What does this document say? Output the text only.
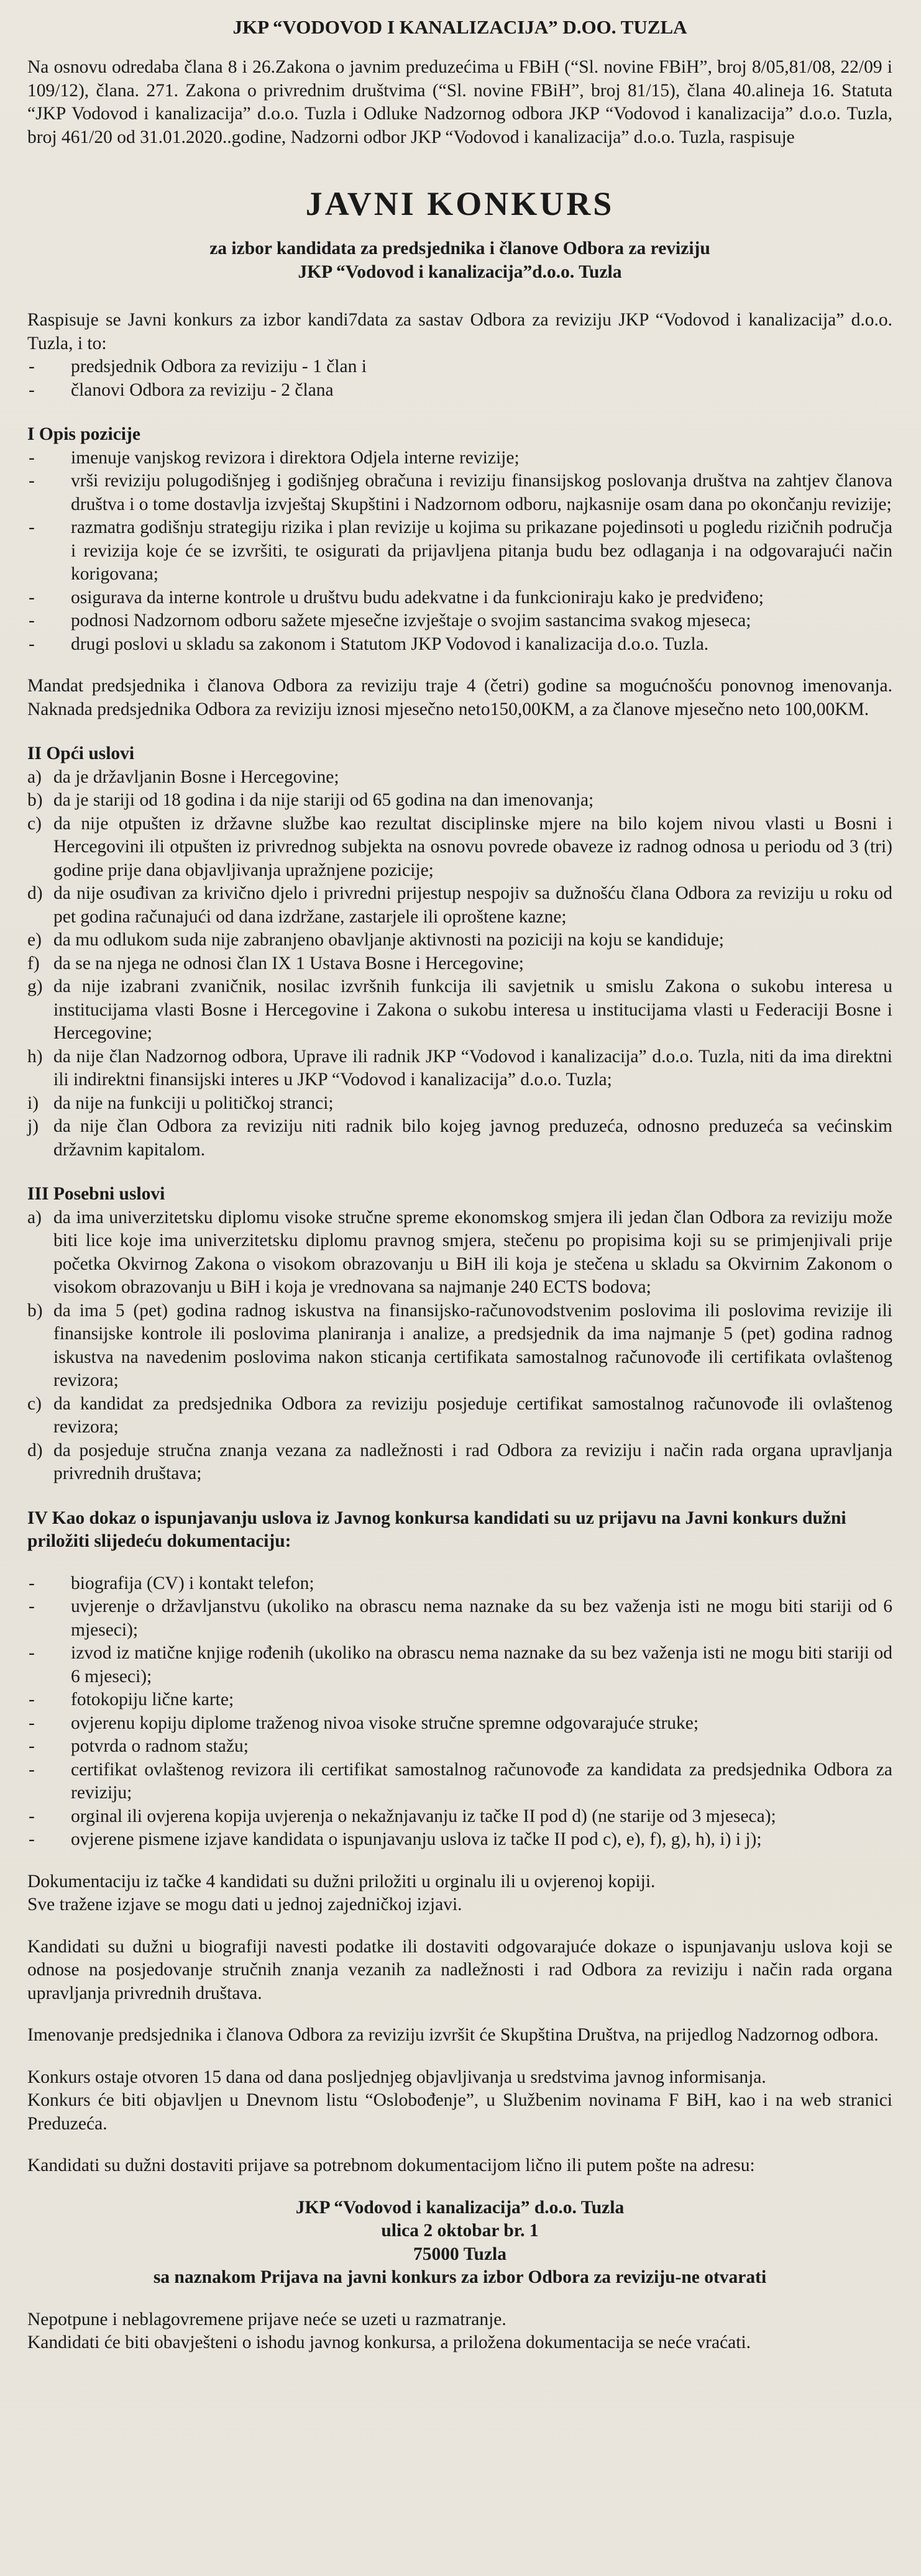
JKP “VODOVOD I KANALIZACIJA” D.OO. TUZLA

Na osnovu odredaba člana 8 i 26.Zakona o javnim preduzećima u FBiH (“Sl. novine FBiH”, broj 8/05,81/08, 22/09 i 109/12), člana. 271. Zakona o privrednim društvima (“Sl. novine FBiH”, broj 81/15), člana 40.alineja 16. Statuta “JKP Vodovod i kanalizacija” d.o.o. Tuzla i Odluke Nadzornog odbora JKP “Vodovod i kanalizacija” d.o.o. Tuzla, broj 461/20 od 31.01.2020..godine, Nadzorni odbor JKP “Vodovod i kanalizacija” d.o.o. Tuzla, raspisuje

JAVNI KONKURS
za izbor kandidata za predsjednika i članove Odbora za reviziju
JKP “Vodovod i kanalizacija”d.o.o. Tuzla

Raspisuje se Javni konkurs za izbor kandi7data za sastav Odbora za reviziju JKP “Vodovod i kanalizacija” d.o.o. Tuzla, i to:

- predsjednik Odbora za reviziju - 1 član i
- članovi Odbora za reviziju - 2 člana
I Opis pozicije
- imenuje vanjskog revizora i direktora Odjela interne revizije;
- vrši reviziju polugodišnjeg i godišnjeg obračuna i reviziju finansijskog poslovanja društva na zahtjev članova društva i o tome dostavlja izvještaj Skupštini i Nadzornom odboru, najkasnije osam dana po okončanju revizije;
- razmatra godišnju strategiju rizika i plan revizije u kojima su prikazane pojedinsoti u pogledu rizičnih područja i revizija koje će se izvršiti, te osigurati da prijavljena pitanja budu bez odlaganja i na odgovarajući način korigovana;
- osigurava da interne kontrole u društvu budu adekvatne i da funkcioniraju kako je predviđeno;
- podnosi Nadzornom odboru sažete mjesečne izvještaje o svojim sastancima svakog mjeseca;
- drugi poslovi u skladu sa zakonom i Statutom JKP Vodovod i kanalizacija d.o.o. Tuzla.

Mandat predsjednika i članova Odbora za reviziju traje 4 (četri) godine sa mogućnošću ponovnog imenovanja. Naknada predsjednika Odbora za reviziju iznosi mjesečno neto150,00KM, a za članove mjesečno neto 100,00KM.

II Opći uslovi
a) da je državljanin Bosne i Hercegovine;
b) da je stariji od 18 godina i da nije stariji od 65 godina na dan imenovanja;
c) da nije otpušten iz državne službe kao rezultat disciplinske mjere na bilo kojem nivou vlasti u Bosni i Hercegovini ili otpušten iz privrednog subjekta na osnovu povrede obaveze iz radnog odnosa u periodu od 3 (tri) godine prije dana objavljivanja upražnjene pozicije;
d) da nije osuđivan za krivično djelo i privredni prijestup nespojiv sa dužnošću člana Odbora za reviziju u roku od pet godina računajući od dana izdržane, zastarjele ili oproštene kazne;
e) da mu odlukom suda nije zabranjeno obavljanje aktivnosti na poziciji na koju se kandiduje;
f) da se na njega ne odnosi član IX 1 Ustava Bosne i Hercegovine;
g) da nije izabrani zvaničnik, nosilac izvršnih funkcija ili savjetnik u smislu Zakona o sukobu interesa u institucijama vlasti Bosne i Hercegovine i Zakona o sukobu interesa u institucijama vlasti u Federaciji Bosne i Hercegovine;
h) da nije član Nadzornog odbora, Uprave ili radnik JKP “Vodovod i kanalizacija” d.o.o. Tuzla, niti da ima direktni ili indirektni finansijski interes u JKP “Vodovod i kanalizacija” d.o.o. Tuzla;
i) da nije na funkciji u političkoj stranci;
j) da nije član Odbora za reviziju niti radnik bilo kojeg javnog preduzeća, odnosno preduzeća sa većinskim državnim kapitalom.
III Posebni uslovi
a) da ima univerzitetsku diplomu visoke stručne spreme ekonomskog smjera ili jedan član Odbora za reviziju može biti lice koje ima univerzitetsku diplomu pravnog smjera, stečenu po propisima koji su se primjenjivali prije početka Okvirnog Zakona o visokom obrazovanju u BiH ili koja je stečena u skladu sa Okvirnim Zakonom o visokom obrazovanju u BiH i koja je vrednovana sa najmanje 240 ECTS bodova;
b) da ima 5 (pet) godina radnog iskustva na finansijsko-računovodstvenim poslovima ili poslovima revizije ili finansijske kontrole ili poslovima planiranja i analize, a predsjednik da ima najmanje 5 (pet) godina radnog iskustva na navedenim poslovima nakon sticanja certifikata samostalnog računovođe ili certifikata ovlaštenog revizora;
c) da kandidat za predsjednika Odbora za reviziju posjeduje certifikat samostalnog računovođe ili ovlaštenog revizora;
d) da posjeduje stručna znanja vezana za nadležnosti i rad Odbora za reviziju i način rada organa upravljanja privrednih društava;
IV Kao dokaz o ispunjavanju uslova iz Javnog konkursa kandidati su uz prijavu na Javni konkurs dužni priložiti slijedeću dokumentaciju:
- biografija (CV) i kontakt telefon;
- uvjerenje o državljanstvu (ukoliko na obrascu nema naznake da su bez važenja isti ne mogu biti stariji od 6 mjeseci);
- izvod iz matične knjige rođenih (ukoliko na obrascu nema naznake da su bez važenja isti ne mogu biti stariji od 6 mjeseci);
- fotokopiju lične karte;
- ovjerenu kopiju diplome traženog nivoa visoke stručne spremne odgovarajuće struke;
- potvrda o radnom stažu;
- certifikat ovlaštenog revizora ili certifikat samostalnog računovođe za kandidata za predsjednika Odbora za reviziju;
- orginal ili ovjerena kopija uvjerenja o nekažnjavanju iz tačke II pod d) (ne starije od 3 mjeseca);
- ovjerene pismene izjave kandidata o ispunjavanju uslova iz tačke II pod c), e), f), g), h), i) i j);

Dokumentaciju iz tačke 4 kandidati su dužni priložiti u orginalu ili u ovjerenoj kopiji.

Sve tražene izjave se mogu dati u jednoj zajedničkoj izjavi.

Kandidati su dužni u biografiji navesti podatke ili dostaviti odgovarajuće dokaze o ispunjavanju uslova koji se odnose na posjedovanje stručnih znanja vezanih za nadležnosti i rad Odbora za reviziju i način rada organa upravljanja privrednih društava.

Imenovanje predsjednika i članova Odbora za reviziju izvršit će Skupština Društva, na prijedlog Nadzornog odbora.

Konkurs ostaje otvoren 15 dana od dana posljednjeg objavljivanja u sredstvima javnog informisanja.

Konkurs će biti objavljen u Dnevnom listu “Oslobođenje”, u Službenim novinama F BiH, kao i na web stranici Preduzeća.

Kandidati su dužni dostaviti prijave sa potrebnom dokumentacijom lično ili putem pošte na adresu:

JKP “Vodovod i kanalizacija” d.o.o. Tuzla

ulica 2 oktobar br. 1

75000 Tuzla

sa naznakom Prijava na javni konkurs za izbor Odbora za reviziju-ne otvarati

Nepotpune i neblagovremene prijave neće se uzeti u razmatranje.

Kandidati će biti obavješteni o ishodu javnog konkursa, a priložena dokumentacija se neće vraćati.
